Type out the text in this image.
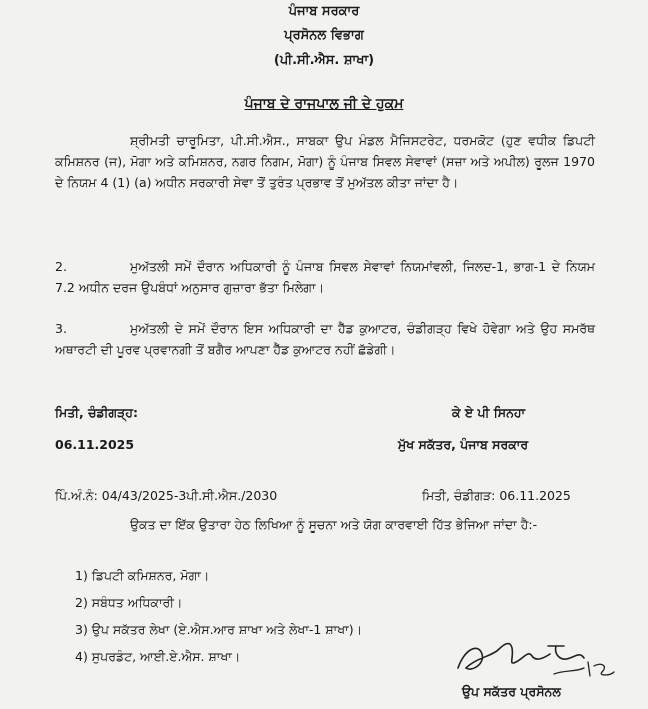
ਪੰਜਾਬ ਸਰਕਾਰ
ਪ੍ਰਸੋਨਲ ਵਿਭਾਗ
(ਪੀ.ਸੀ.ਐਸ. ਸ਼ਾਖਾ)
ਪੰਜਾਬ ਦੇ ਰਾਜਪਾਲ ਜੀ ਦੇ ਹੁਕਮ
ਸ਼੍ਰੀਮਤੀ ਚਾਰੂਮਿਤਾ, ਪੀ.ਸੀ.ਐਸ., ਸਾਬਕਾ ਉਪ ਮੰਡਲ ਮੈਜਿਸਟਰੇਟ, ਧਰਮਕੋਟ (ਹੁਣ ਵਧੀਕ ਡਿਪਟੀ ਕਮਿਸ਼ਨਰ (ਜ), ਮੋਗਾ ਅਤੇ ਕਮਿਸ਼ਨਰ, ਨਗਰ ਨਿਗਮ, ਮੋਗਾ) ਨੂੰ ਪੰਜਾਬ ਸਿਵਲ ਸੇਵਾਵਾਂ (ਸਜ਼ਾ ਅਤੇ ਅਪੀਲ) ਰੂਲਜ 1970 ਦੇ ਨਿਯਮ 4 (1) (a) ਅਧੀਨ ਸਰਕਾਰੀ ਸੇਵਾ ਤੋਂ ਤੁਰੰਤ ਪ੍ਰਭਾਵ ਤੋਂ ਮੁਅੱਤਲ ਕੀਤਾ ਜਾਂਦਾ ਹੈ।
2.	ਮੁਅੱਤਲੀ ਸਮੇਂ ਦੌਰਾਨ ਅਧਿਕਾਰੀ ਨੂੰ ਪੰਜਾਬ ਸਿਵਲ ਸੇਵਾਵਾਂ ਨਿਯਮਾਂਵਲੀ, ਜਿਲਦ-1, ਭਾਗ-1 ਦੇ ਨਿਯਮ 7.2 ਅਧੀਨ ਦਰਜ ਉਪਬੰਧਾਂ ਅਨੁਸਾਰ ਗੁਜ਼ਾਰਾ ਭੱਤਾ ਮਿਲੇਗਾ।
3.	ਮੁਅੱਤਲੀ ਦੇ ਸਮੇਂ ਦੌਰਾਨ ਇਸ ਅਧਿਕਾਰੀ ਦਾ ਹੈੱਡ ਕੁਆਟਰ, ਚੰਡੀਗੜ੍ਹ ਵਿਖੇ ਹੋਵੇਗਾ ਅਤੇ ਉਹ ਸਮਰੱਥ ਅਥਾਰਟੀ ਦੀ ਪੂਰਵ ਪ੍ਰਵਾਨਗੀ ਤੋਂ ਬਗੈਰ ਆਪਣਾ ਹੈੱਡ ਕੁਆਟਰ ਨਹੀਂ ਛੱਡੇਗੀ।
ਮਿਤੀ, ਚੰਡੀਗੜ੍ਹ:
06.11.2025
ਕੇ ਏ ਪੀ ਸਿਨਹਾ
ਮੁੱਖ ਸਕੱਤਰ, ਪੰਜਾਬ ਸਰਕਾਰ
ਪਿੰ.ਅੰ.ਨੰ: 04/43/2025-3ਪੀ.ਸੀ.ਐਸ./2030	ਮਿਤੀ, ਚੰਡੀਗੜ: 06.11.2025
ਉਕਤ ਦਾ ਇੱਕ ਉਤਾਰਾ ਹੇਠ ਲਿਖਿਆ ਨੂੰ ਸੂਚਨਾ ਅਤੇ ਯੋਗ ਕਾਰਵਾਈ ਹਿੱਤ ਭੇਜਿਆ ਜਾਂਦਾ ਹੈ:-
1) ਡਿਪਟੀ ਕਮਿਸ਼ਨਰ, ਮੋਗਾ।
2) ਸਬੰਧਤ ਅਧਿਕਾਰੀ।
3) ਉਪ ਸਕੱਤਰ ਲੇਖਾ (ਏ.ਐਸ.ਆਰ ਸ਼ਾਖਾ ਅਤੇ ਲੇਖਾ-1 ਸ਼ਾਖਾ)।
4) ਸੁਪਰਡੰਟ, ਆਈ.ਏ.ਐਸ. ਸ਼ਾਖਾ।
ਉਪ ਸਕੱਤਰ ਪ੍ਰਸੋਨਲ
